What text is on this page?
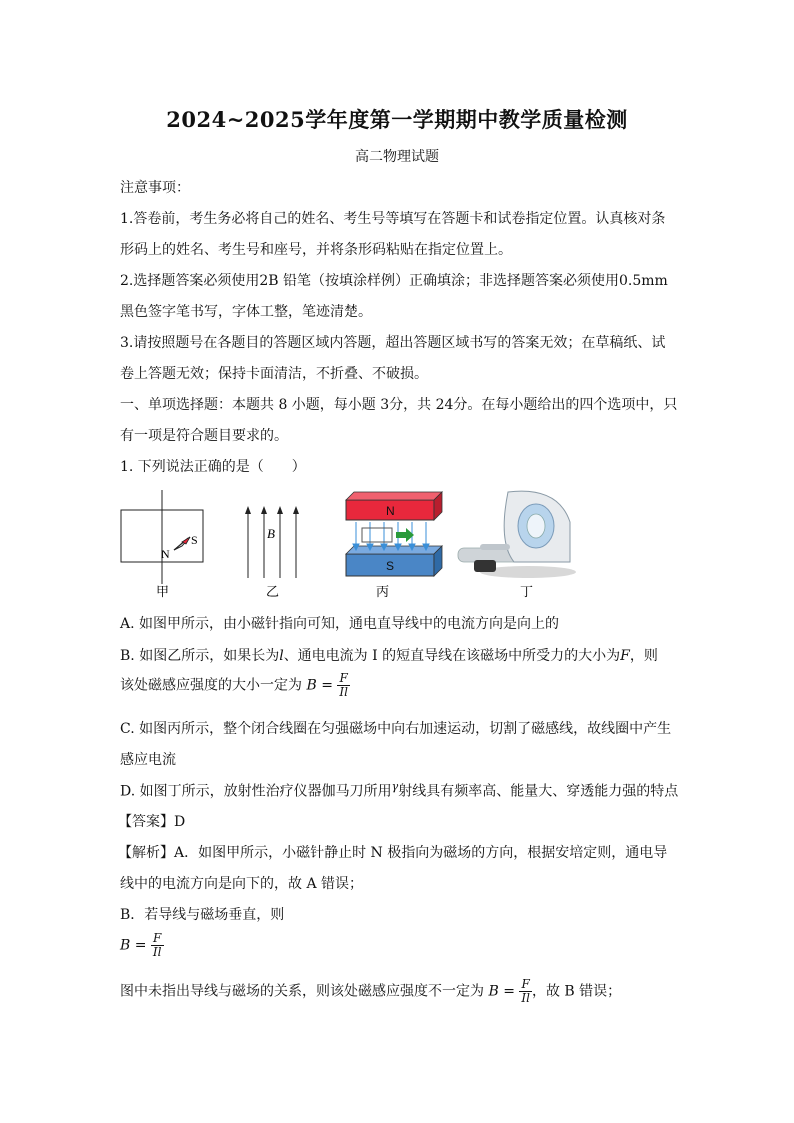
2024~2025学年度第一学期期中教学质量检测
高二物理试题
注意事项：
1.答卷前，考生务必将自己的姓名、考生号等填写在答题卡和试卷指定位置。认真核对条
形码上的姓名、考生号和座号，并将条形码粘贴在指定位置上。
2.选择题答案必须使用2B 铅笔（按填涂样例）正确填涂；非选择题答案必须使用0.5mm
黑色签字笔书写，字体工整，笔迹清楚。
3.请按照题号在各题目的答题区域内答题，超出答题区域书写的答案无效；在草稿纸、试
卷上答题无效；保持卡面清洁，不折叠、不破损。
一、单项选择题：本题共 8 小题，每小题 3分，共 24分。在每小题给出的四个选项中，只
有一项是符合题目要求的。
1. 下列说法正确的是（　　）
N
S
甲
B
乙
N
S
丙	丁
A. 如图甲所示，由小磁针指向可知，通电直导线中的电流方向是向上的
B. 如图乙所示，如果长为l、通电电流为 I 的短直导线在该磁场中所受力的大小为F，则
该处磁感应强度的大小一定为 $B = \frac{F}{Il}$
C. 如图丙所示，整个闭合线圈在匀强磁场中向右加速运动，切割了磁感线，故线圈中产生
感应电流
D. 如图丁所示，放射性治疗仪器伽马刀所用$^\gamma$射线具有频率高、能量大、穿透能力强的特点
【答案】D
【解析】A．如图甲所示，小磁针静止时 N 极指向为磁场的方向，根据安培定则，通电导
线中的电流方向是向下的，故 A 错误；
B．若导线与磁场垂直，则
$B = \frac{F}{Il}$
图中未指出导线与磁场的关系，则该处磁感应强度不一定为 $B = \frac{F}{Il}$ ，故 B 错误；
